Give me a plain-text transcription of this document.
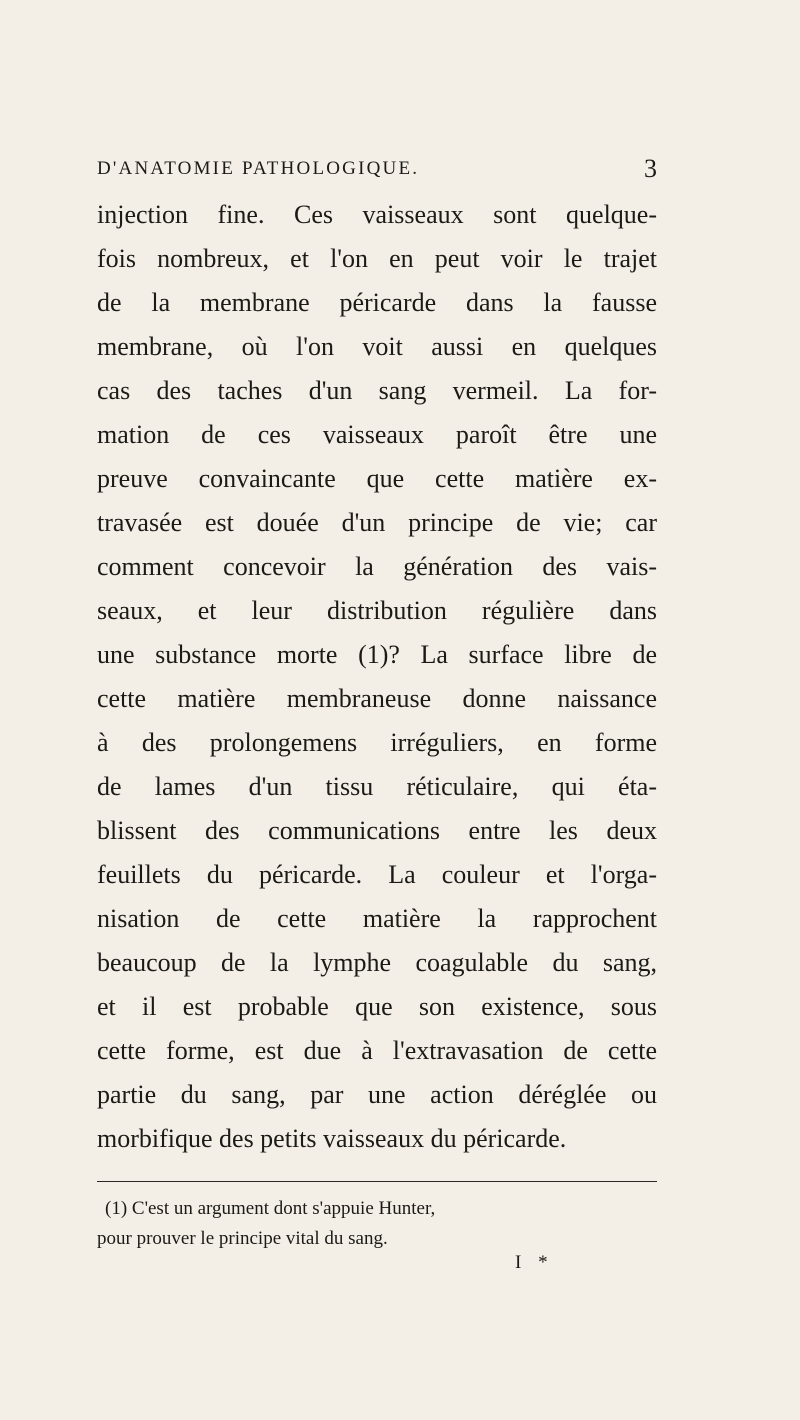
D'ANATOMIE PATHOLOGIQUE.	3
injection fine. Ces vaisseaux sont quelque-
fois nombreux, et l'on en peut voir le trajet
de la membrane péricarde dans la fausse
membrane, où l'on voit aussi en quelques
cas des taches d'un sang vermeil. La for-
mation de ces vaisseaux paroît être une
preuve convaincante que cette matière ex-
travasée est douée d'un principe de vie; car
comment concevoir la génération des vais-
seaux, et leur distribution régulière dans
une substance morte (1)? La surface libre de
cette matière membraneuse donne naissance
à des prolongemens irréguliers, en forme
de lames d'un tissu réticulaire, qui éta-
blissent des communications entre les deux
feuillets du péricarde. La couleur et l'orga-
nisation de cette matière la rapprochent
beaucoup de la lymphe coagulable du sang,
et il est probable que son existence, sous
cette forme, est due à l'extravasation de cette
partie du sang, par une action déréglée ou
morbifique des petits vaisseaux du péricarde.
(1) C'est un argument dont s'appuie Hunter,
pour prouver le principe vital du sang.
I *
